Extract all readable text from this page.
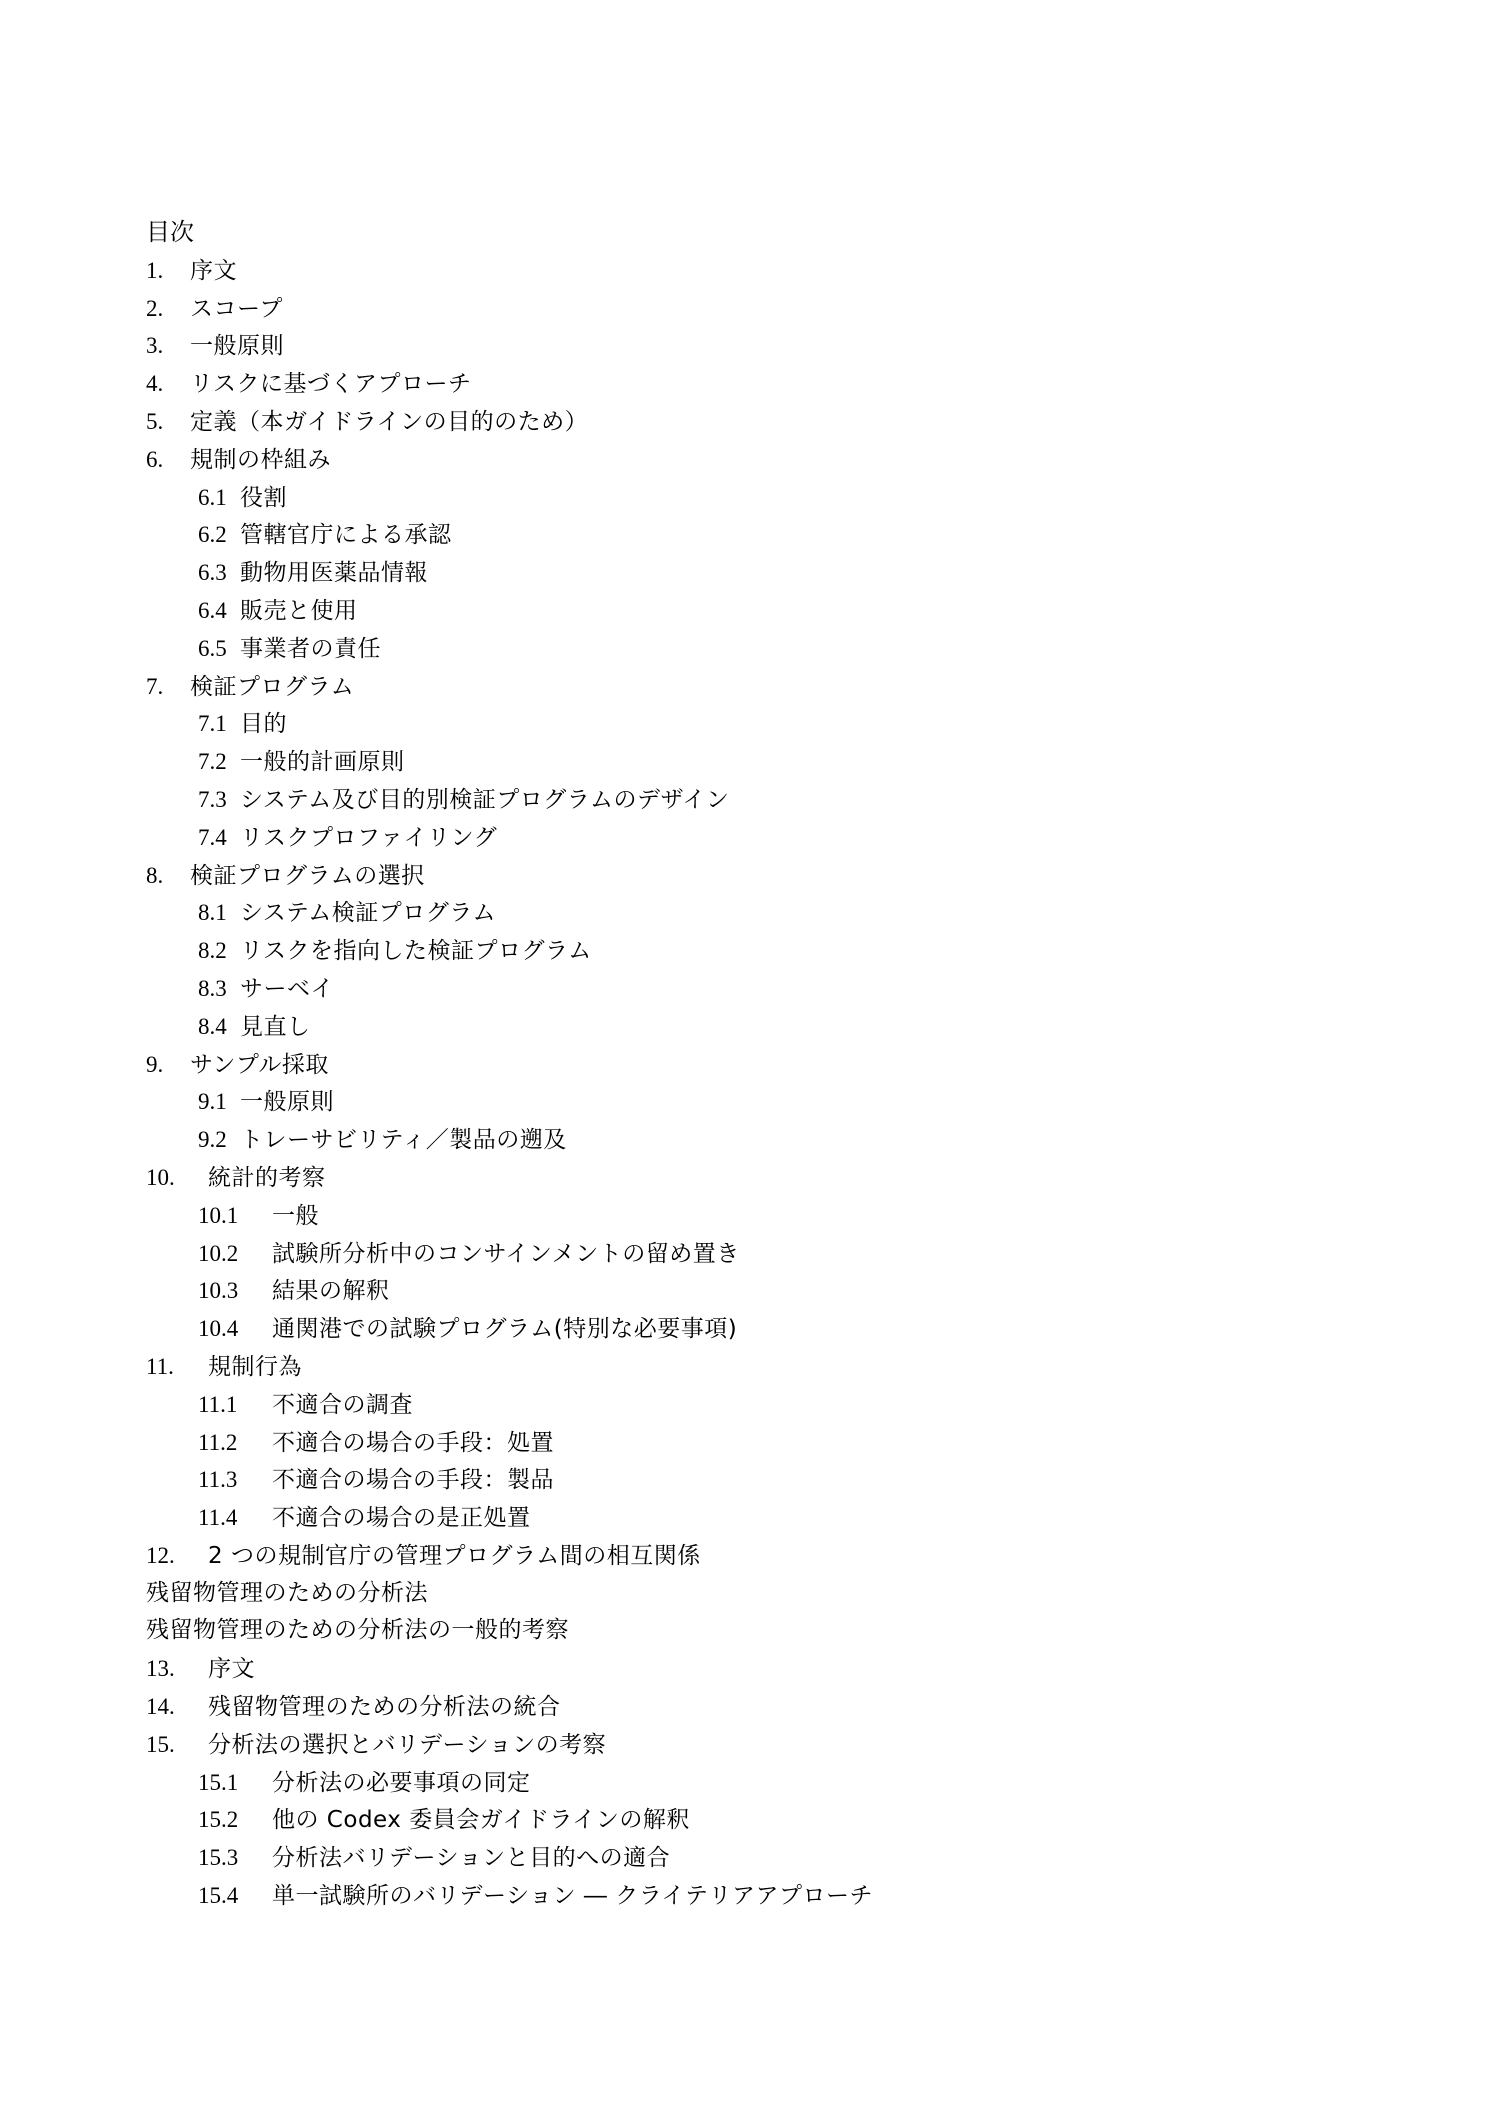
目次
1.	序文
2.	スコープ
3.	一般原則
4.	リスクに基づくアプローチ
5.	定義（本ガイドラインの目的のため）
6.	規制の枠組み
6.1 役割
6.2 管轄官庁による承認
6.3 動物用医薬品情報
6.4 販売と使用
6.5 事業者の責任
7.	検証プログラム
7.1 目的
7.2 一般的計画原則
7.3 システム及び目的別検証プログラムのデザイン
7.4 リスクプロファイリング
8.	検証プログラムの選択
8.1 システム検証プログラム
8.2 リスクを指向した検証プログラム
8.3 サーベイ
8.4 見直し
9.	サンプル採取
9.1 一般原則
9.2 トレーサビリティ／製品の遡及
10.	統計的考察
10.1	一般
10.2	試験所分析中のコンサインメントの留め置き
10.3	結果の解釈
10.4	通関港での試験プログラム(特別な必要事項)
11.	規制行為
11.1	不適合の調査
11.2	不適合の場合の手段：処置
11.3	不適合の場合の手段：製品
11.4	不適合の場合の是正処置
12.	2 つの規制官庁の管理プログラム間の相互関係
残留物管理のための分析法
残留物管理のための分析法の一般的考察
13.	序文
14.	残留物管理のための分析法の統合
15.	分析法の選択とバリデーションの考察
15.1	分析法の必要事項の同定
15.2	他の Codex 委員会ガイドラインの解釈
15.3	分析法バリデーションと目的への適合
15.4	単一試験所のバリデーション ― クライテリアアプローチ
